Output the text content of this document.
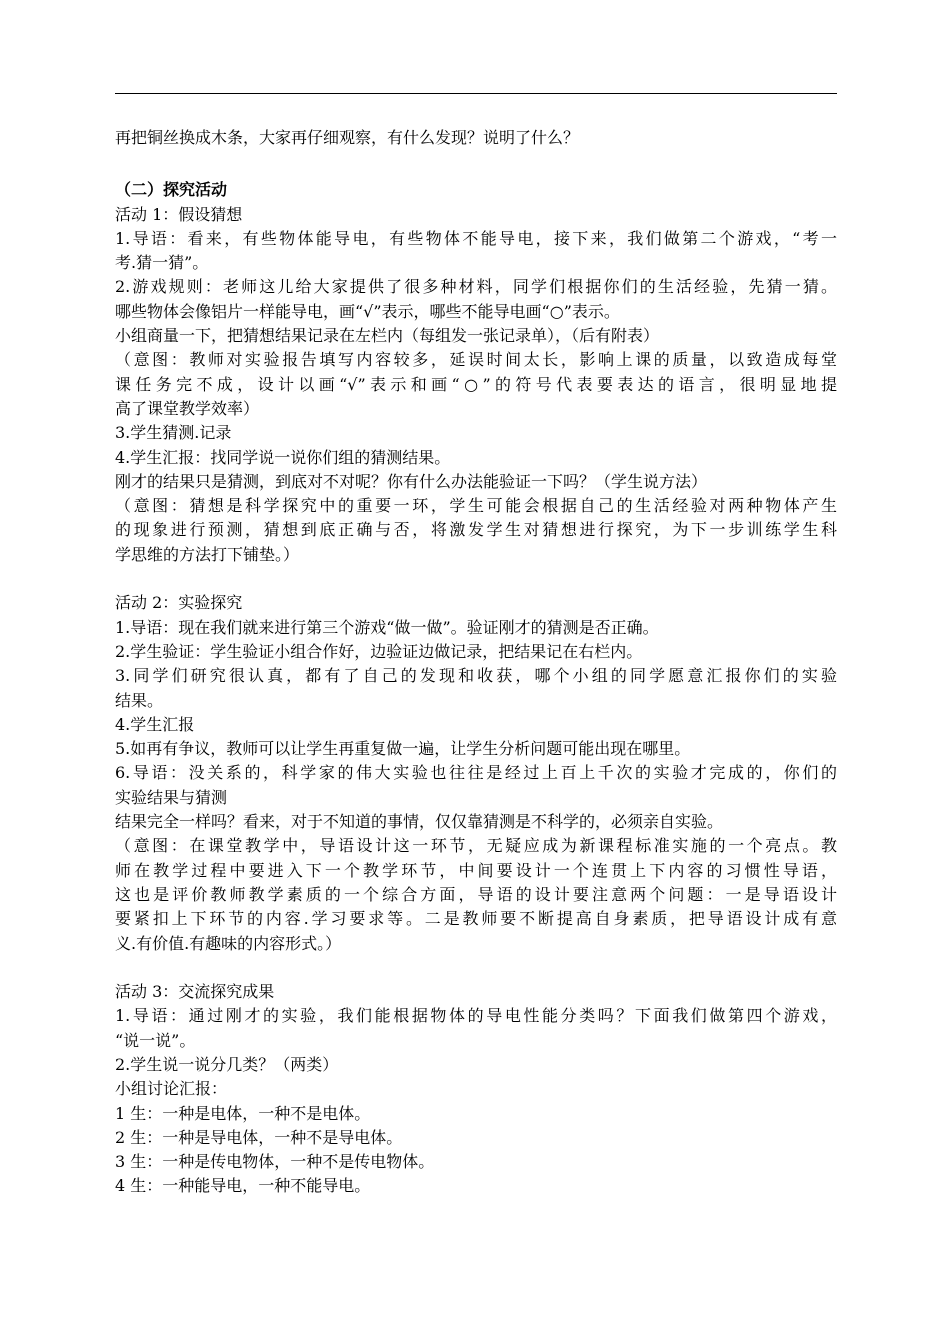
再把铜丝换成木条，大家再仔细观察，有什么发现？说明了什么？
（二）探究活动
活动 1：假设猜想
1.导语：看来，有些物体能导电，有些物体不能导电，接下来，我们做第二个游戏，“考一
考.猜一猜”。
2.游戏规则：老师这儿给大家提供了很多种材料，同学们根据你们的生活经验，先猜一猜。
哪些物体会像铝片一样能导电，画“√”表示，哪些不能导电画“○”表示。
小组商量一下，把猜想结果记录在左栏内（每组发一张记录单），（后有附表）
（意图：教师对实验报告填写内容较多，延误时间太长，影响上课的质量，以致造成每堂
课任务完不成，设计以画“√”表示和画“○”的符号代表要表达的语言，很明显地提
高了课堂教学效率）
3.学生猜测.记录
4.学生汇报：找同学说一说你们组的猜测结果。
刚才的结果只是猜测，到底对不对呢？你有什么办法能验证一下吗？（学生说方法）
（意图：猜想是科学探究中的重要一环，学生可能会根据自己的生活经验对两种物体产生
的现象进行预测，猜想到底正确与否，将激发学生对猜想进行探究，为下一步训练学生科
学思维的方法打下铺垫。）
活动 2：实验探究
1.导语：现在我们就来进行第三个游戏“做一做”。验证刚才的猜测是否正确。
2.学生验证：学生验证小组合作好，边验证边做记录，把结果记在右栏内。
3.同学们研究很认真，都有了自己的发现和收获，哪个小组的同学愿意汇报你们的实验
结果。
4.学生汇报
5.如再有争议，教师可以让学生再重复做一遍，让学生分析问题可能出现在哪里。
6.导语：没关系的，科学家的伟大实验也往往是经过上百上千次的实验才完成的，你们的
实验结果与猜测
结果完全一样吗？看来，对于不知道的事情，仅仅靠猜测是不科学的，必须亲自实验。
（意图：在课堂教学中，导语设计这一环节，无疑应成为新课程标准实施的一个亮点。教
师在教学过程中要进入下一个教学环节，中间要设计一个连贯上下内容的习惯性导语，
这也是评价教师教学素质的一个综合方面，导语的设计要注意两个问题：一是导语设计
要紧扣上下环节的内容.学习要求等。二是教师要不断提高自身素质，把导语设计成有意
义.有价值.有趣味的内容形式。）
活动 3：交流探究成果
1.导语：通过刚才的实验，我们能根据物体的导电性能分类吗？下面我们做第四个游戏，
“说一说”。
2.学生说一说分几类？（两类）
小组讨论汇报：
1 生：一种是电体，一种不是电体。
2 生：一种是导电体，一种不是导电体。
3 生：一种是传电物体，一种不是传电物体。
4 生：一种能导电，一种不能导电。
